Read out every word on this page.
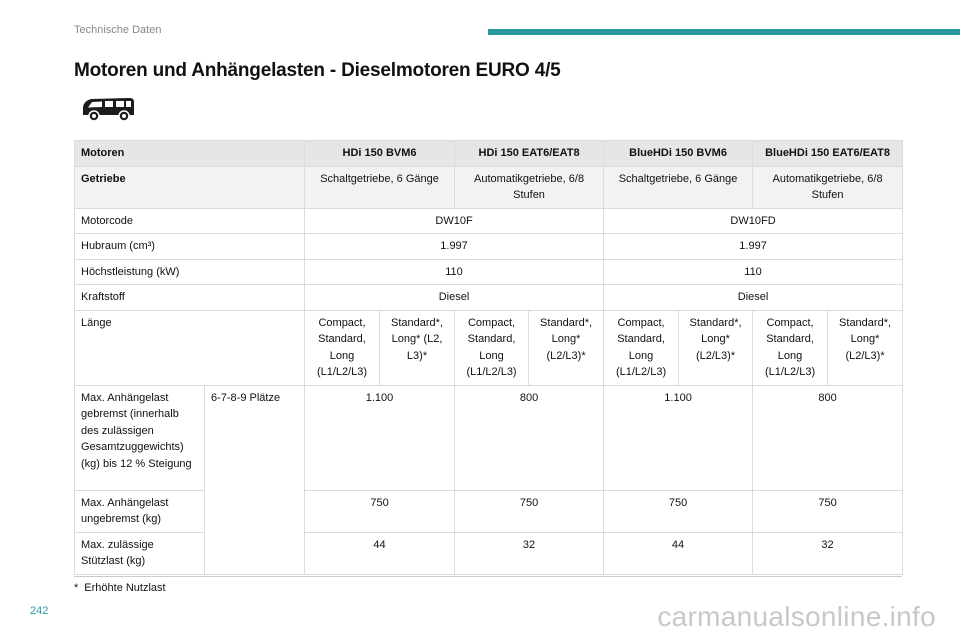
Technische Daten
Motoren und Anhängelasten - Dieselmotoren EURO 4/5
Motoren		HDi 150 BVM6		HDi 150 EAT6/EAT8		BlueHDi 150 BVM6		BlueHDi 150 EAT6/EAT8	
Getriebe		Schaltgetriebe, 6 Gänge		Automatikgetriebe, 6/8 Stufen		Schaltgetriebe, 6 Gänge		Automatikgetriebe, 6/8 Stufen	
Motorcode		DW10F				DW10FD			
Hubraum (cm³)		1.997				1.997			
Höchstleistung (kW)		110				110			
Kraftstoff		Diesel				Diesel			
Länge		Compact, Standard, Long (L1/L2/L3)	Standard*, Long* (L2, L3)*	Compact, Standard, Long (L1/L2/L3)	Standard*, Long* (L2/L3)*	Compact, Standard, Long (L1/L2/L3)	Standard*, Long* (L2/L3)*	Compact, Standard, Long (L1/L2/L3)	Standard*, Long* (L2/L3)*
Max. Anhängelast gebremst (innerhalb des zulässigen Gesamtzuggewichts) (kg) bis 12 % Steigung	6-7-8-9 Plätze	1.100		800		1.100		800	
Max. Anhängelast ungebremst (kg)		750		750		750		750	
Max. zulässige Stützlast (kg)		44		32		44		32	
* Erhöhte Nutzlast
242	carmanualsonline.info
